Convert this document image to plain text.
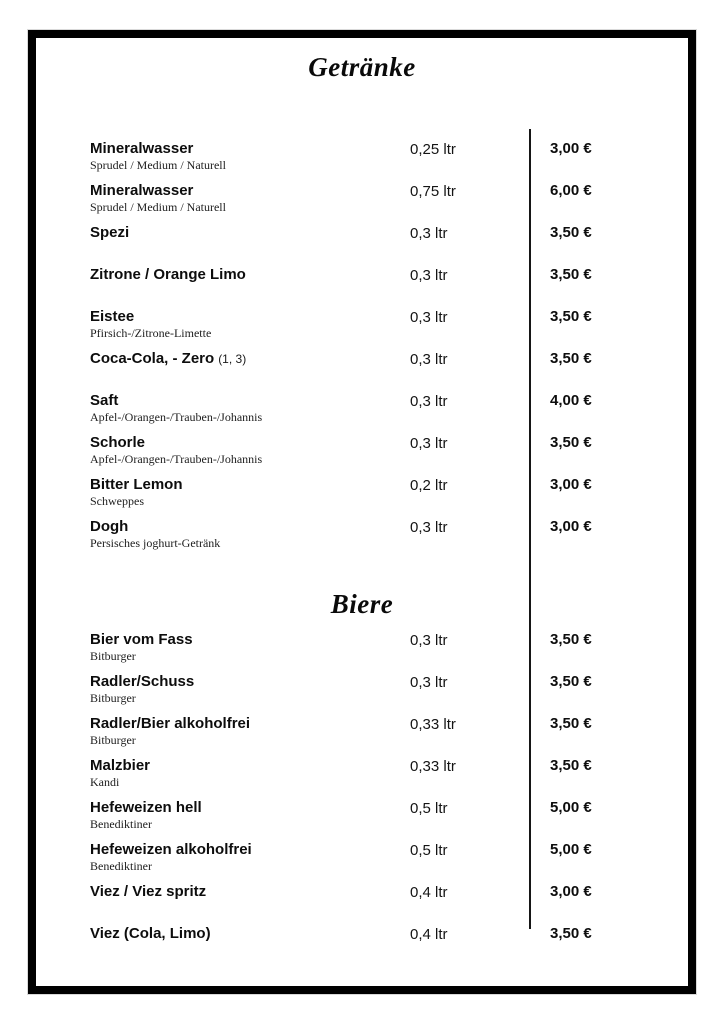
Getränke
Mineralwasser
Sprudel / Medium / Naturell
0,25 ltr	3,00 €
Mineralwasser
Sprudel / Medium / Naturell
0,75 ltr	6,00 €
Spezi	0,3 ltr	3,50 €
Zitrone / Orange Limo	0,3 ltr	3,50 €
Eistee
Pfirsich-/Zitrone-Limette
0,3 ltr	3,50 €
Coca-Cola, - Zero (1, 3)	0,3 ltr	3,50 €
Saft
Apfel-/Orangen-/Trauben-/Johannis
0,3 ltr	4,00 €
Schorle
Apfel-/Orangen-/Trauben-/Johannis
0,3 ltr	3,50 €
Bitter Lemon
Schweppes
0,2 ltr	3,00 €
Dogh
Persisches joghurt-Getränk
0,3 ltr	3,00 €
Biere
Bier vom Fass
Bitburger
0,3 ltr	3,50 €
Radler/Schuss
Bitburger
0,3 ltr	3,50 €
Radler/Bier alkoholfrei
Bitburger
0,33 ltr	3,50 €
Malzbier
Kandi
0,33 ltr	3,50 €
Hefeweizen hell
Benediktiner
0,5 ltr	5,00 €
Hefeweizen alkoholfrei
Benediktiner
0,5 ltr	5,00 €
Viez / Viez spritz	0,4 ltr	3,00 €
Viez (Cola, Limo)	0,4 ltr	3,50 €
